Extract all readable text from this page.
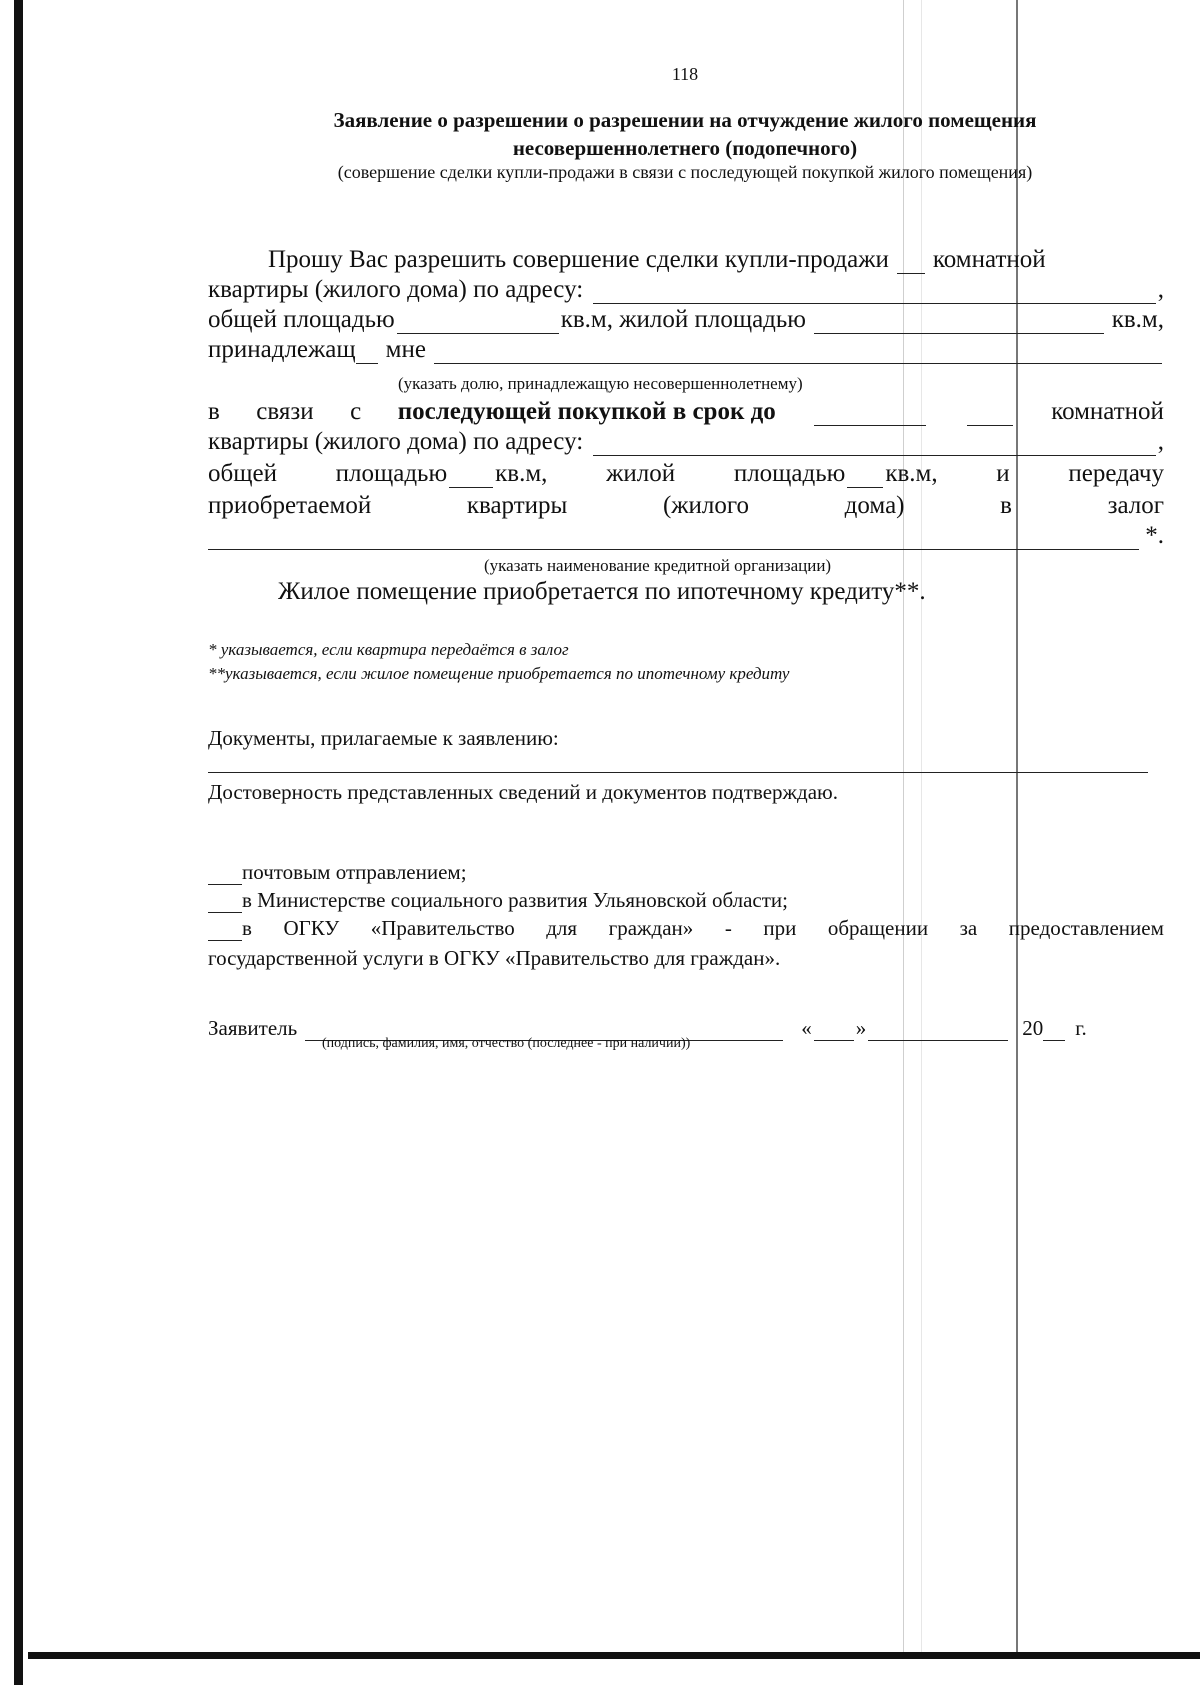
118
Заявление о разрешении о разрешении на отчуждение жилого помещения
несовершеннолетнего (подопечного)
(совершение сделки купли-продажи в связи с последующей покупкой жилого помещения)
Прошу Вас разрешить совершение сделки купли-продажи комнатной
квартиры (жилого дома) по адресу:	,
общей площадью	кв.м, жилой площадью	кв.м,
принадлежащ мне
(указать долю, принадлежащую несовершеннолетнему)
в связи с последующей покупкой в срок до	комнатной
квартиры (жилого дома) по адресу:	,
общей площадью кв.м, жилой площадью кв.м, и передачу
приобретаемой	квартиры	(жилого	дома)	в	залог
*.
(указать наименование кредитной организации)
Жилое помещение приобретается по ипотечному кредиту**.
* указывается, если квартира передаётся в залог
**указывается, если жилое помещение приобретается по ипотечному кредиту
Документы, прилагаемые к заявлению:
Достоверность представленных сведений и документов подтверждаю.
почтовым отправлением;
в Министерстве социального развития Ульяновской области;
в ОГКУ «Правительство для граждан» - при обращении за предоставлением
государственной услуги в ОГКУ «Правительство для граждан».
Заявитель	« »	20 г.
(подпись, фамилия, имя, отчество (последнее - при наличии))
